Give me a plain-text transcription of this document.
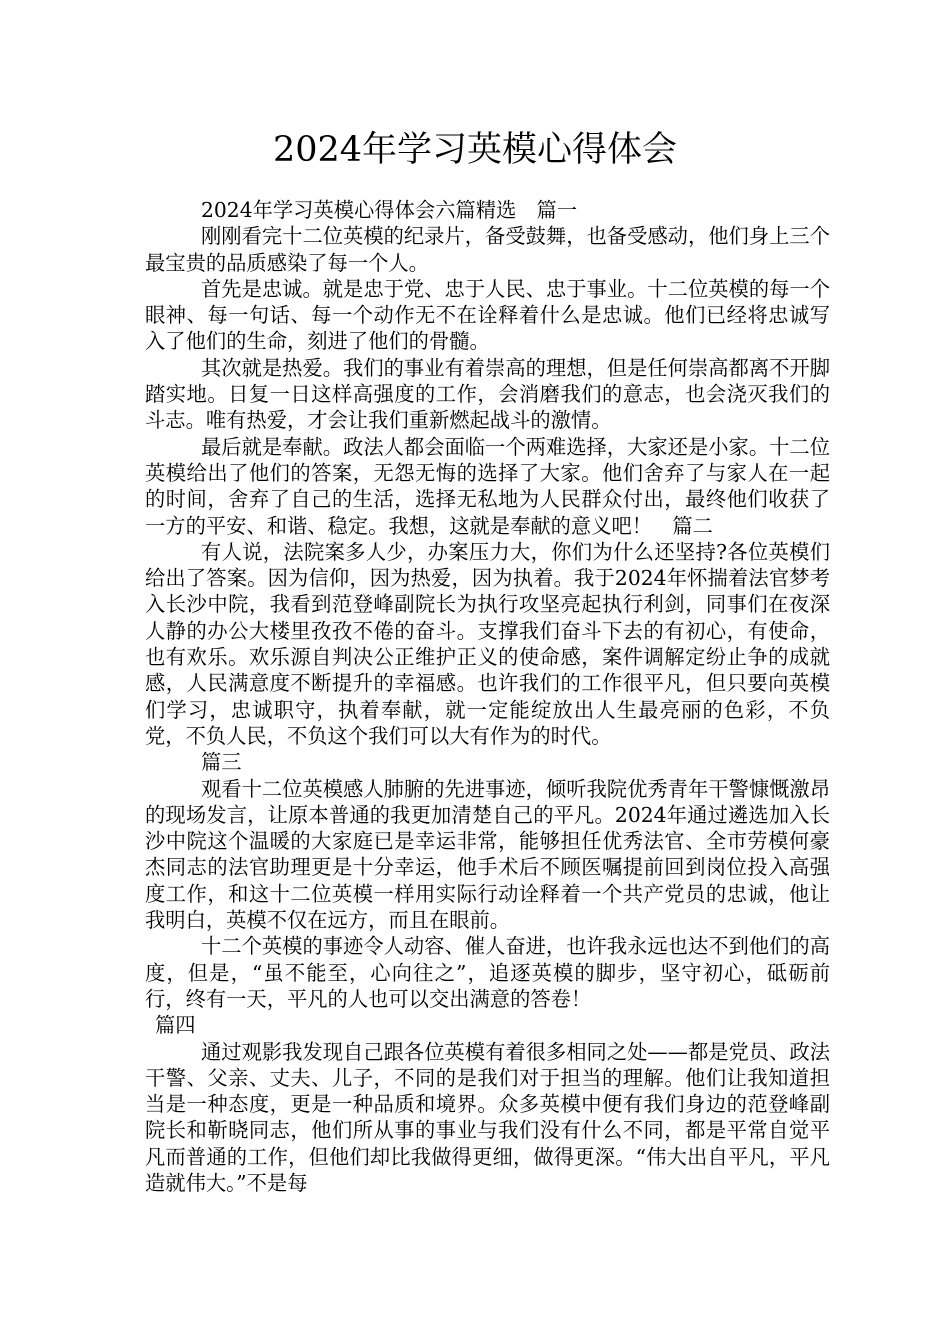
2024年学习英模心得体会

2024年学习英模心得体会六篇精选　篇一

刚刚看完十二位英模的纪录片，备受鼓舞，也备受感动，他们身上三个最宝贵的品质感染了每一个人。

首先是忠诚。就是忠于党、忠于人民、忠于事业。十二位英模的每一个眼神、每一句话、每一个动作无不在诠释着什么是忠诚。他们已经将忠诚写入了他们的生命，刻进了他们的骨髓。

其次就是热爱。我们的事业有着崇高的理想，但是任何崇高都离不开脚踏实地。日复一日这样高强度的工作，会消磨我们的意志，也会浇灭我们的斗志。唯有热爱，才会让我们重新燃起战斗的激情。

最后就是奉献。政法人都会面临一个两难选择，大家还是小家。十二位英模给出了他们的答案，无怨无悔的选择了大家。他们舍弃了与家人在一起的时间，舍弃了自己的生活，选择无私地为人民群众付出，最终他们收获了一方的平安、和谐、稳定。我想，这就是奉献的意义吧！　篇二

有人说，法院案多人少，办案压力大，你们为什么还坚持?各位英模们给出了答案。因为信仰，因为热爱，因为执着。我于2024年怀揣着法官梦考入长沙中院，我看到范登峰副院长为执行攻坚亮起执行利剑，同事们在夜深人静的办公大楼里孜孜不倦的奋斗。支撑我们奋斗下去的有初心，有使命，也有欢乐。欢乐源自判决公正维护正义的使命感，案件调解定纷止争的成就感，人民满意度不断提升的幸福感。也许我们的工作很平凡，但只要向英模们学习，忠诚职守，执着奉献，就一定能绽放出人生最亮丽的色彩，不负党，不负人民，不负这个我们可以大有作为的时代。

篇三

观看十二位英模感人肺腑的先进事迹，倾听我院优秀青年干警慷慨激昂的现场发言，让原本普通的我更加清楚自己的平凡。2024年通过遴选加入长沙中院这个温暖的大家庭已是幸运非常，能够担任优秀法官、全市劳模何豪杰同志的法官助理更是十分幸运，他手术后不顾医嘱提前回到岗位投入高强度工作，和这十二位英模一样用实际行动诠释着一个共产党员的忠诚，他让我明白，英模不仅在远方，而且在眼前。

十二个英模的事迹令人动容、催人奋进，也许我永远也达不到他们的高度，但是，“虽不能至，心向往之”，追逐英模的脚步，坚守初心，砥砺前行，终有一天，平凡的人也可以交出满意的答卷！

篇四

通过观影我发现自己跟各位英模有着很多相同之处——都是党员、政法干警、父亲、丈夫、儿子，不同的是我们对于担当的理解。他们让我知道担当是一种态度，更是一种品质和境界。众多英模中便有我们身边的范登峰副院长和靳晓同志，他们所从事的事业与我们没有什么不同，都是平常自觉平凡而普通的工作，但他们却比我做得更细，做得更深。“伟大出自平凡，平凡造就伟大。”不是每
